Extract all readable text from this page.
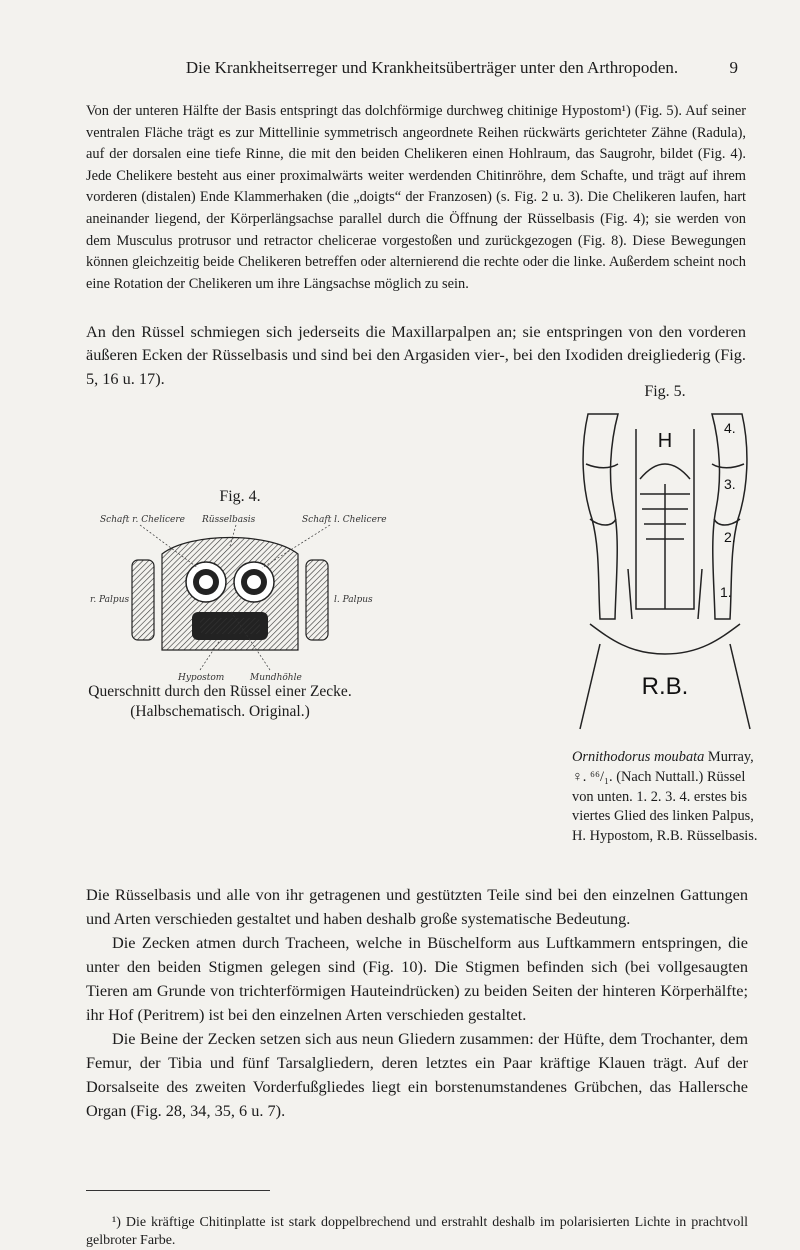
Die Krankheitserreger und Krankheitsüberträger unter den Arthropoden.	9

Von der unteren Hälfte der Basis entspringt das dolchförmige durchweg chitinige Hypostom¹) (Fig. 5). Auf seiner ventralen Fläche trägt es zur Mittellinie symmetrisch angeordnete Reihen rückwärts gerichteter Zähne (Radula), auf der dorsalen eine tiefe Rinne, die mit den beiden Chelikeren einen Hohlraum, das Saugrohr, bildet (Fig. 4). Jede Chelikere besteht aus einer proximalwärts weiter werdenden Chitinröhre, dem Schafte, und trägt auf ihrem vorderen (distalen) Ende Klammerhaken (die „doigts“ der Franzosen) (s. Fig. 2 u. 3). Die Chelikeren laufen, hart aneinander liegend, der Körperlängsachse parallel durch die Öffnung der Rüsselbasis (Fig. 4); sie werden von dem Musculus protrusor und retractor chelicerae vorgestoßen und zurückgezogen (Fig. 8). Diese Bewegungen können gleichzeitig beide Chelikeren betreffen oder alternierend die rechte oder die linke. Außerdem scheint noch eine Rotation der Chelikeren um ihre Längsachse möglich zu sein.

An den Rüssel schmiegen sich jederseits die Maxillarpalpen an; sie entspringen von den vorderen äußeren Ecken der Rüsselbasis und sind bei den Argasiden vier-, bei den Ixodiden dreigliederig (Fig. 5, 16 u. 17).

Fig. 5.
H
R.B.
4.
3.
2.
1.
Ornithodorus moubata Murray, ♀. ⁶⁶/₁. (Nach Nuttall.) Rüssel von unten. 1. 2. 3. 4. erstes bis viertes Glied des linken Palpus, H. Hypostom, R.B. Rüsselbasis.
Fig. 4.
Schaft r. Chelicere Rüsselbasis	Schaft l. Chelicere
r. Palpus	l. Palpus
Hypostom	Mundhöhle
Querschnitt durch den Rüssel einer Zecke. (Halbschematisch. Original.)

Die Rüsselbasis und alle von ihr getragenen und gestützten Teile sind bei den einzelnen Gattungen und Arten verschieden gestaltet und haben deshalb große systematische Bedeutung.

Die Zecken atmen durch Tracheen, welche in Büschelform aus Luftkammern entspringen, die unter den beiden Stigmen gelegen sind (Fig. 10). Die Stigmen befinden sich (bei vollgesaugten Tieren am Grunde von trichterförmigen Hauteindrücken) zu beiden Seiten der hinteren Körperhälfte; ihr Hof (Peritrem) ist bei den einzelnen Arten verschieden gestaltet.

Die Beine der Zecken setzen sich aus neun Gliedern zusammen: der Hüfte, dem Trochanter, dem Femur, der Tibia und fünf Tarsalgliedern, deren letztes ein Paar kräftige Klauen trägt. Auf der Dorsalseite des zweiten Vorderfußgliedes liegt ein borstenumstandenes Grübchen, das Hallersche Organ (Fig. 28, 34, 35, 6 u. 7).

¹) Die kräftige Chitinplatte ist stark doppelbrechend und erstrahlt deshalb im polarisierten Lichte in prachtvoll gelbroter Farbe.
